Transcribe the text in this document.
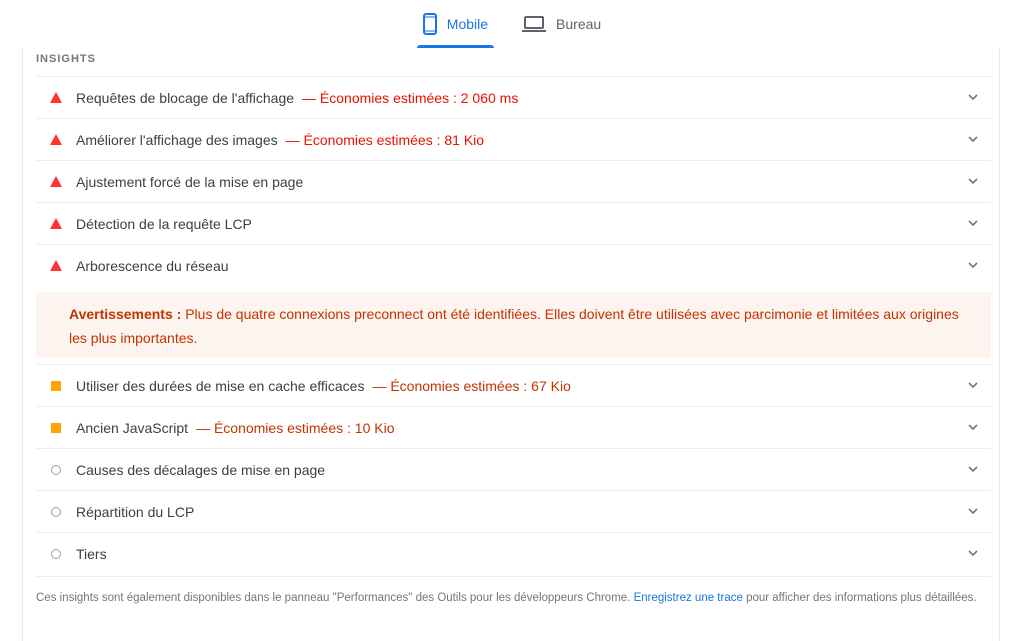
Mobile	Bureau
INSIGHTS
Requêtes de blocage de l'affichage — Économies estimées : 2 060 ms
Améliorer l'affichage des images — Économies estimées : 81 Kio
Ajustement forcé de la mise en page
Détection de la requête LCP
Arborescence du réseau
Avertissements : Plus de quatre connexions preconnect ont été identifiées. Elles doivent être utilisées avec parcimonie et limitées aux origines les plus importantes.
Utiliser des durées de mise en cache efficaces — Économies estimées : 67 Kio
Ancien JavaScript — Économies estimées : 10 Kio
Causes des décalages de mise en page
Répartition du LCP
Tiers
Ces insights sont également disponibles dans le panneau "Performances" des Outils pour les développeurs Chrome. Enregistrez une trace pour afficher des informations plus détaillées.
